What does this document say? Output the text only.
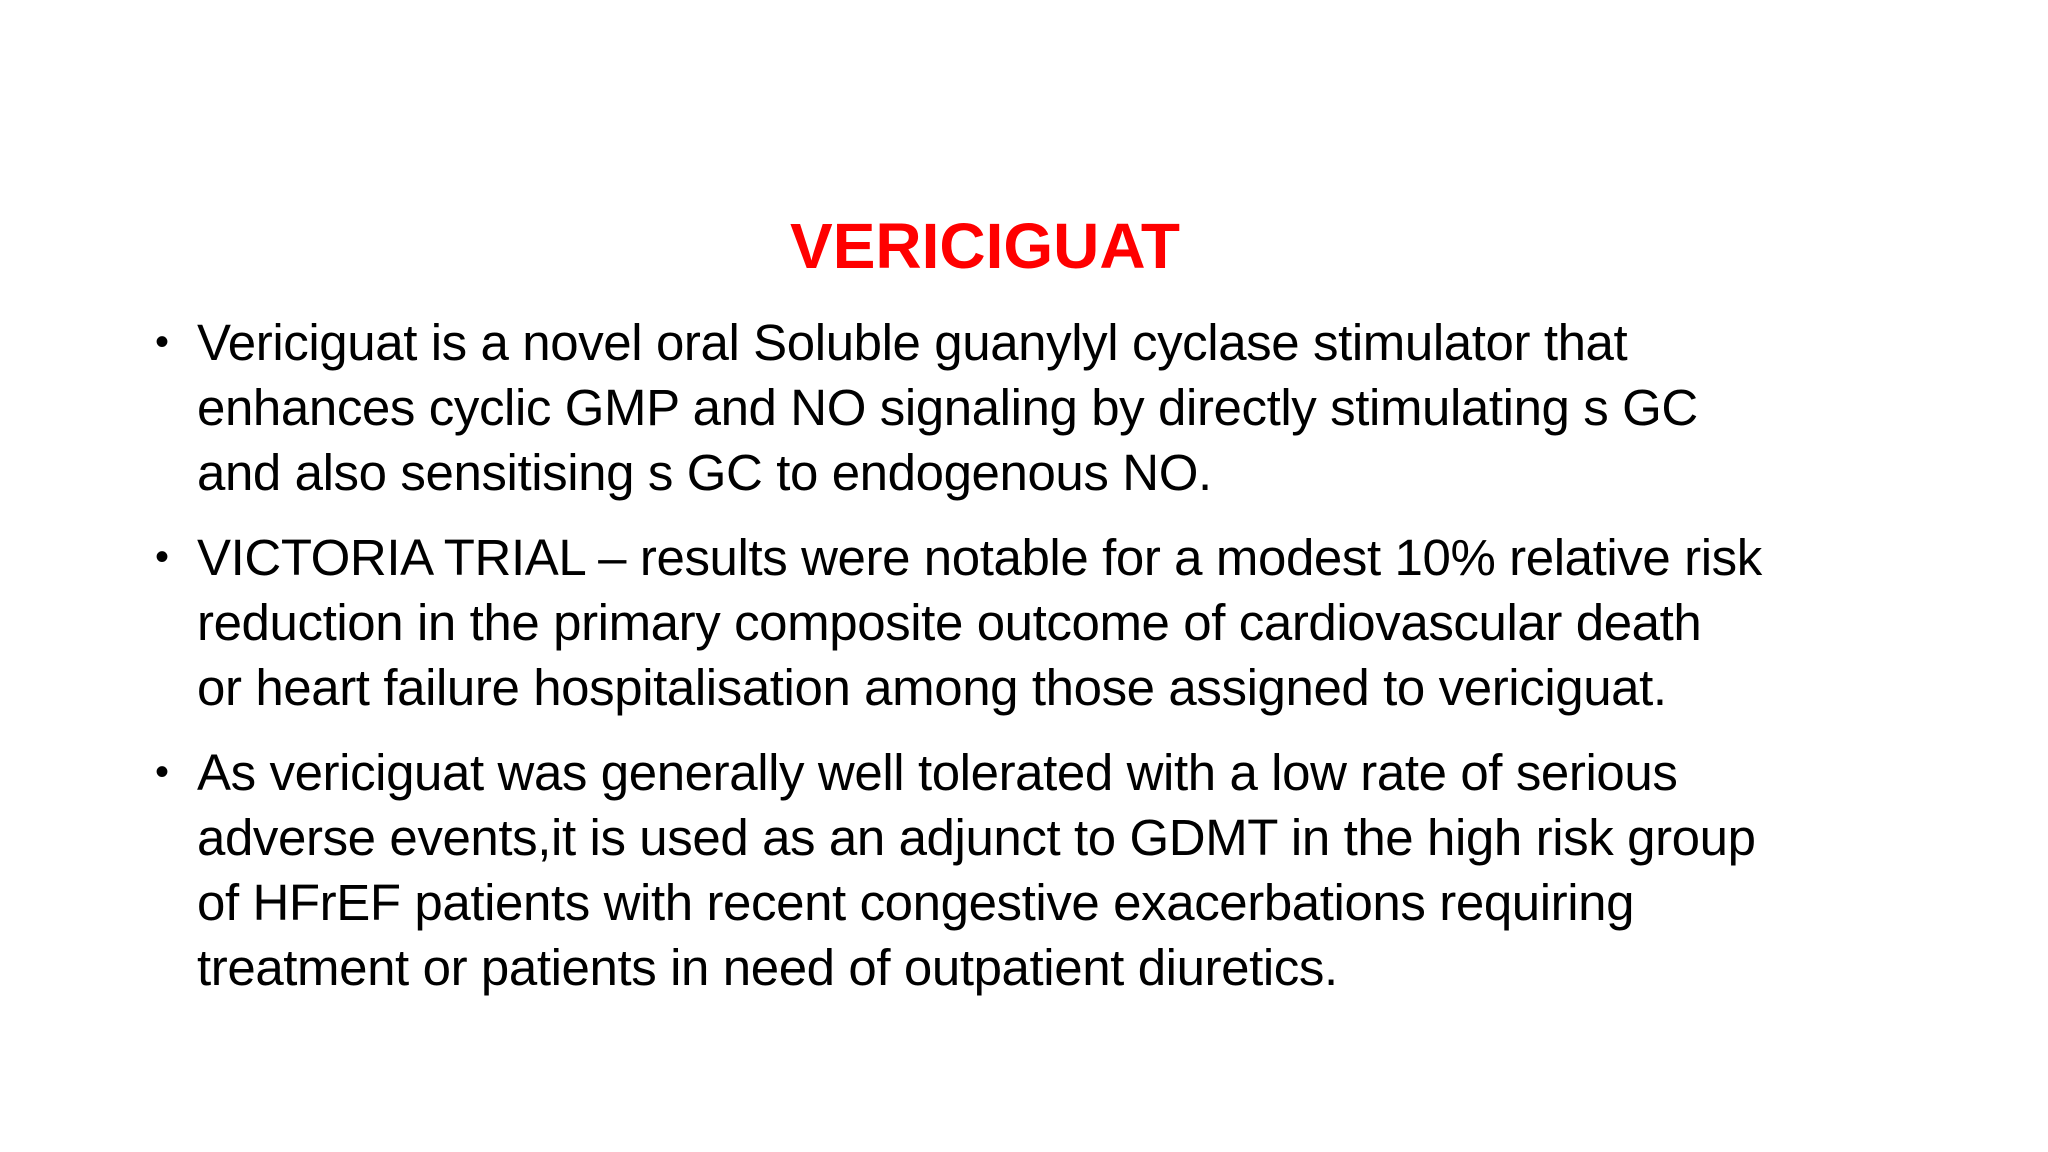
VERICIGUAT
• Vericiguat is a novel oral Soluble guanylyl cyclase stimulator that
enhances cyclic GMP and NO signaling by directly stimulating s GC
and also sensitising s GC to endogenous NO.
• VICTORIA TRIAL – results were notable for a modest 10% relative risk
reduction in the primary composite outcome of cardiovascular death
or heart failure hospitalisation among those assigned to vericiguat.
• As vericiguat was generally well tolerated with a low rate of serious
adverse events,it is used as an adjunct to GDMT in the high risk group
of HFrEF patients with recent congestive exacerbations requiring
treatment or patients in need of outpatient diuretics.
